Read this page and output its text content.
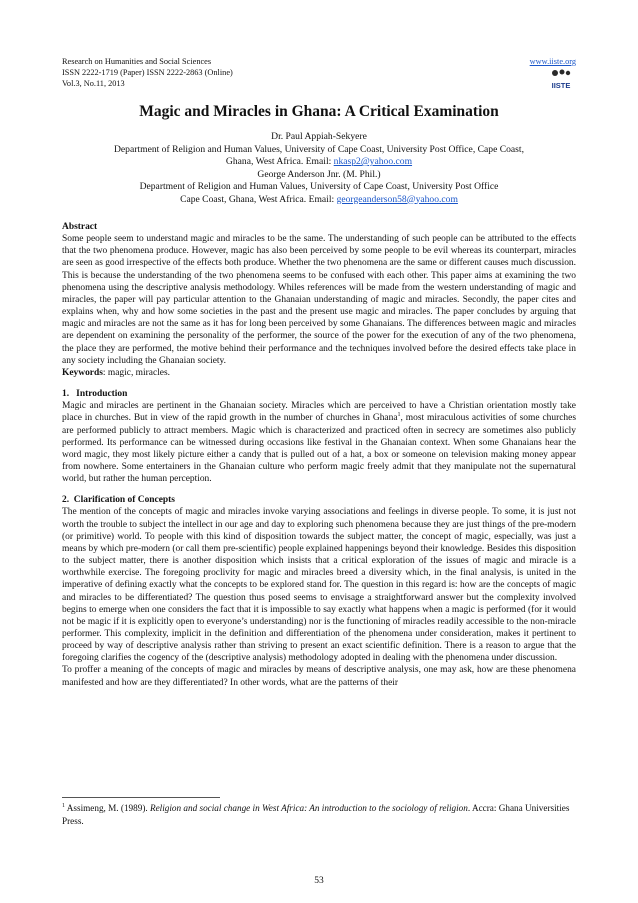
Research on Humanities and Social Sciences
ISSN 2222-1719 (Paper) ISSN 2222-2863 (Online)
Vol.3, No.11, 2013
www.iiste.org
IISTE
Magic and Miracles in Ghana: A Critical Examination
Dr. Paul Appiah-Sekyere
Department of Religion and Human Values, University of Cape Coast, University Post Office, Cape Coast,
Ghana, West Africa. Email: nkasp2@yahoo.com
George Anderson Jnr. (M. Phil.)
Department of Religion and Human Values, University of Cape Coast, University Post Office
Cape Coast, Ghana, West Africa. Email: georgeanderson58@yahoo.com

Abstract

Some people seem to understand magic and miracles to be the same. The understanding of such people can be attributed to the effects that the two phenomena produce. However, magic has also been perceived by some people to be evil whereas its counterpart, miracles are seen as good irrespective of the effects both produce. Whether the two phenomena are the same or different causes much discussion. This is because the understanding of the two phenomena seems to be confused with each other. This paper aims at examining the two phenomena using the descriptive analysis methodology. Whiles references will be made from the western understanding of magic and miracles, the paper will pay particular attention to the Ghanaian understanding of magic and miracles. Secondly, the paper cites and explains when, why and how some societies in the past and the present use magic and miracles. The paper concludes by arguing that magic and miracles are not the same as it has for long been perceived by some Ghanaians. The differences between magic and miracles are dependent on examining the personality of the performer, the source of the power for the execution of any of the two phenomena, the place they are performed, the motive behind their performance and the techniques involved before the desired effects take place in any society including the Ghanaian society.

Keywords: magic, miracles.

1.   Introduction

Magic and miracles are pertinent in the Ghanaian society. Miracles which are perceived to have a Christian orientation mostly take place in churches. But in view of the rapid growth in the number of churches in Ghana$^1$, most miraculous activities of some churches are performed publicly to attract members. Magic which is characterized and practiced often in secrecy are sometimes also publicly performed. Its performance can be witnessed during occasions like festival in the Ghanaian context. When some Ghanaians hear the word magic, they most likely picture either a candy that is pulled out of a hat, a box or someone on television making money appear from nowhere. Some entertainers in the Ghanaian culture who perform magic freely admit that they manipulate not the supernatural world, but rather the human perception.

2.  Clarification of Concepts

The mention of the concepts of magic and miracles invoke varying associations and feelings in diverse people. To some, it is just not worth the trouble to subject the intellect in our age and day to exploring such phenomena because they are just things of the pre-modern (or primitive) world. To people with this kind of disposition towards the subject matter, the concept of magic, especially, was just a means by which pre-modern (or call them pre-scientific) people explained happenings beyond their knowledge. Besides this disposition to the subject matter, there is another disposition which insists that a critical exploration of the issues of magic and miracle is a worthwhile exercise. The foregoing proclivity for magic and miracles breed a diversity which, in the final analysis, is united in the imperative of defining exactly what the concepts to be explored stand for. The question in this regard is: how are the concepts of magic and miracles to be differentiated? The question thus posed seems to envisage a straightforward answer but the complexity involved begins to emerge when one considers the fact that it is impossible to say exactly what happens when a magic is performed (for it would not be magic if it is explicitly open to everyone’s understanding) nor is the functioning of miracles readily accessible to the non-miracle performer. This complexity, implicit in the definition and differentiation of the phenomena under consideration, makes it pertinent to proceed by way of descriptive analysis rather than striving to present an exact scientific definition. There is a reason to argue that the foregoing clarifies the cogency of the (descriptive analysis) methodology adopted in dealing with the phenomena under discussion.

To proffer a meaning of the concepts of magic and miracles by means of descriptive analysis, one may ask, how are these phenomena manifested and how are they differentiated? In other words, what are the patterns of their

$^1$ Assimeng, M. (1989). Religion and social change in West Africa: An introduction to the sociology of religion. Accra: Ghana Universities Press.
53
